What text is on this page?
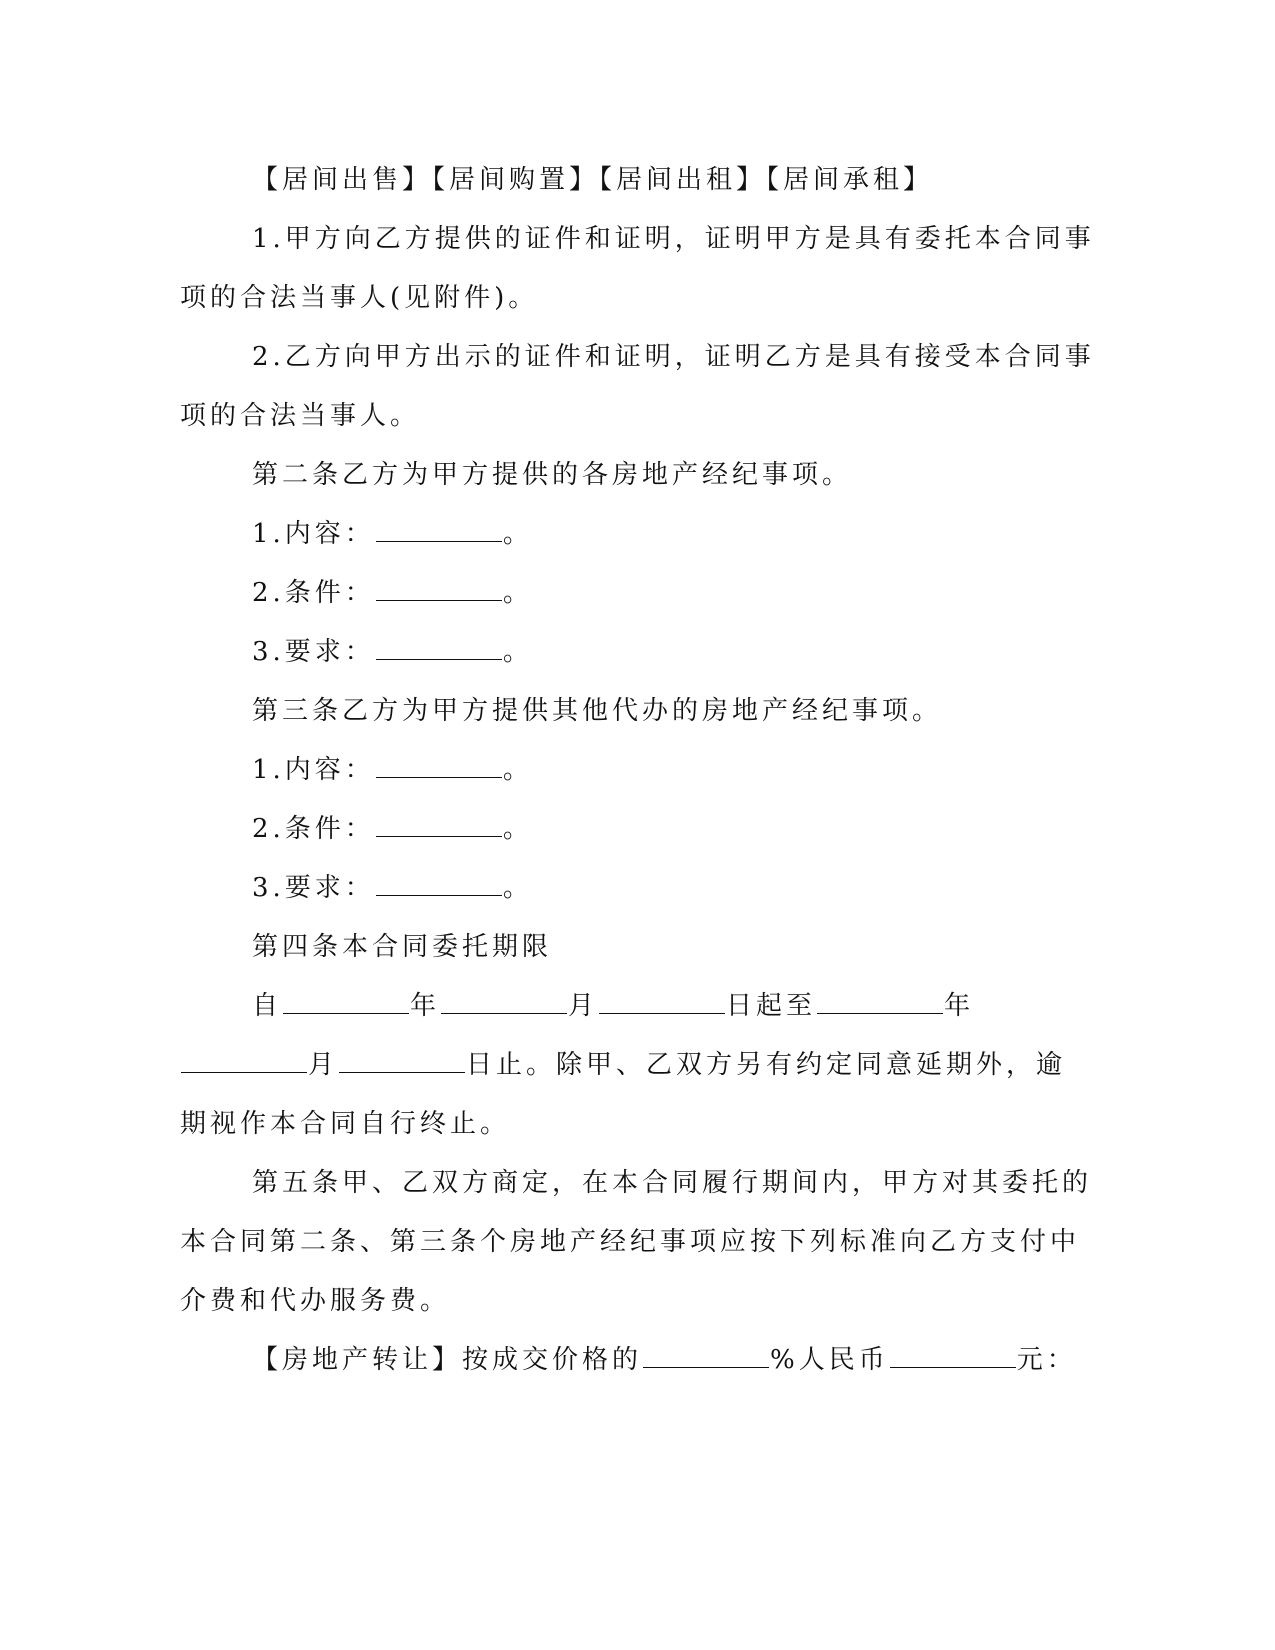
【居间出售】【居间购置】【居间出租】【居间承租】
1.甲方向乙方提供的证件和证明，证明甲方是具有委托本合同事
项的合法当事人(见附件)。
2.乙方向甲方出示的证件和证明，证明乙方是具有接受本合同事
项的合法当事人。
第二条乙方为甲方提供的各房地产经纪事项。
1.内容：	。
2.条件：	。
3.要求：	。
第三条乙方为甲方提供其他代办的房地产经纪事项。
1.内容：	。
2.条件：	。
3.要求：	。
第四条本合同委托期限
自	年	月	日起至	年
月	日止。除甲、乙双方另有约定同意延期外，逾
期视作本合同自行终止。
第五条甲、乙双方商定，在本合同履行期间内，甲方对其委托的
本合同第二条、第三条个房地产经纪事项应按下列标准向乙方支付中
介费和代办服务费。
【房地产转让】按成交价格的	%人民币	元：
